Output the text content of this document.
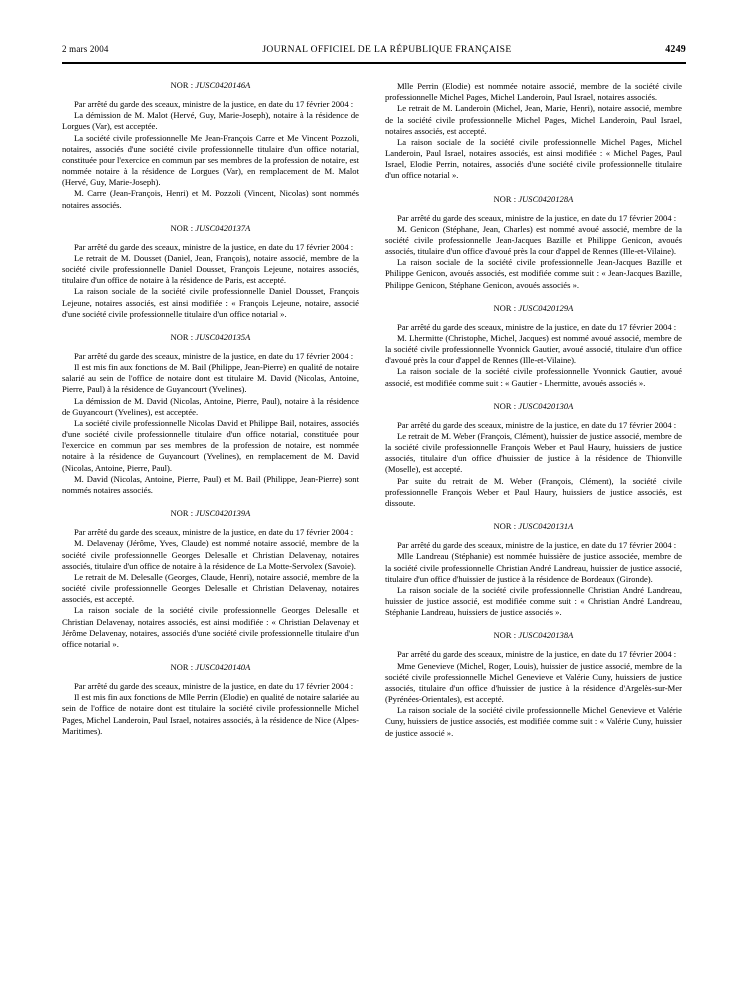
2 mars 2004	JOURNAL OFFICIEL DE LA RÉPUBLIQUE FRANÇAISE	4249
NOR : JUSC0420146A

Par arrêté du garde des sceaux, ministre de la justice, en date du 17 février 2004 :

La démission de M. Malot (Hervé, Guy, Marie-Joseph), notaire à la résidence de Lorgues (Var), est acceptée.

La société civile professionnelle Me Jean-François Carre et Me Vincent Pozzoli, notaires, associés d'une société civile professionnelle titulaire d'un office notarial, constituée pour l'exercice en commun par ses membres de la profession de notaire, est nommée notaire à la résidence de Lorgues (Var), en remplacement de M. Malot (Hervé, Guy, Marie-Joseph).

M. Carre (Jean-François, Henri) et M. Pozzoli (Vincent, Nicolas) sont nommés notaires associés.

NOR : JUSC0420137A

Par arrêté du garde des sceaux, ministre de la justice, en date du 17 février 2004 :

Le retrait de M. Dousset (Daniel, Jean, François), notaire associé, membre de la société civile professionnelle Daniel Dousset, François Lejeune, notaires associés, titulaire d'un office de notaire à la résidence de Paris, est accepté.

La raison sociale de la société civile professionnelle Daniel Dousset, François Lejeune, notaires associés, est ainsi modifiée : « François Lejeune, notaire, associé d'une société civile professionnelle titulaire d'un office notarial ».

NOR : JUSC0420135A

Par arrêté du garde des sceaux, ministre de la justice, en date du 17 février 2004 :

Il est mis fin aux fonctions de M. Bail (Philippe, Jean-Pierre) en qualité de notaire salarié au sein de l'office de notaire dont est titulaire M. David (Nicolas, Antoine, Pierre, Paul) à la résidence de Guyancourt (Yvelines).

La démission de M. David (Nicolas, Antoine, Pierre, Paul), notaire à la résidence de Guyancourt (Yvelines), est acceptée.

La société civile professionnelle Nicolas David et Philippe Bail, notaires, associés d'une société civile professionnelle titulaire d'un office notarial, constituée pour l'exercice en commun par ses membres de la profession de notaire, est nommée notaire à la résidence de Guyancourt (Yvelines), en remplacement de M. David (Nicolas, Antoine, Pierre, Paul).

M. David (Nicolas, Antoine, Pierre, Paul) et M. Bail (Philippe, Jean-Pierre) sont nommés notaires associés.

NOR : JUSC0420139A

Par arrêté du garde des sceaux, ministre de la justice, en date du 17 février 2004 :

M. Delavenay (Jérôme, Yves, Claude) est nommé notaire associé, membre de la société civile professionnelle Georges Delesalle et Christian Delavenay, notaires associés, titulaire d'un office de notaire à la résidence de La Motte-Servolex (Savoie).

Le retrait de M. Delesalle (Georges, Claude, Henri), notaire associé, membre de la société civile professionnelle Georges Delesalle et Christian Delavenay, notaires associés, est accepté.

La raison sociale de la société civile professionnelle Georges Delesalle et Christian Delavenay, notaires associés, est ainsi modifiée : « Christian Delavenay et Jérôme Delavenay, notaires, associés d'une société civile professionnelle titulaire d'un office notarial ».

NOR : JUSC0420140A

Par arrêté du garde des sceaux, ministre de la justice, en date du 17 février 2004 :

Il est mis fin aux fonctions de Mlle Perrin (Elodie) en qualité de notaire salariée au sein de l'office de notaire dont est titulaire la société civile professionnelle Michel Pages, Michel Landeroin, Paul Israel, notaires associés, à la résidence de Nice (Alpes-Maritimes).

Mlle Perrin (Elodie) est nommée notaire associé, membre de la société civile professionnelle Michel Pages, Michel Landeroin, Paul Israel, notaires associés.

Le retrait de M. Landeroin (Michel, Jean, Marie, Henri), notaire associé, membre de la société civile professionnelle Michel Pages, Michel Landeroin, Paul Israel, notaires associés, est accepté.

La raison sociale de la société civile professionnelle Michel Pages, Michel Landeroin, Paul Israel, notaires associés, est ainsi modifiée : « Michel Pages, Paul Israel, Elodie Perrin, notaires, associés d'une société civile professionnelle titulaire d'un office notarial ».

NOR : JUSC0420128A

Par arrêté du garde des sceaux, ministre de la justice, en date du 17 février 2004 :

M. Genicon (Stéphane, Jean, Charles) est nommé avoué associé, membre de la société civile professionnelle Jean-Jacques Bazille et Philippe Genicon, avoués associés, titulaire d'un office d'avoué près la cour d'appel de Rennes (Ille-et-Vilaine).

La raison sociale de la société civile professionnelle Jean-Jacques Bazille et Philippe Genicon, avoués associés, est modifiée comme suit : « Jean-Jacques Bazille, Philippe Genicon, Stéphane Genicon, avoués associés ».

NOR : JUSC0420129A

Par arrêté du garde des sceaux, ministre de la justice, en date du 17 février 2004 :

M. Lhermitte (Christophe, Michel, Jacques) est nommé avoué associé, membre de la société civile professionnelle Yvonnick Gautier, avoué associé, titulaire d'un office d'avoué près la cour d'appel de Rennes (Ille-et-Vilaine).

La raison sociale de la société civile professionnelle Yvonnick Gautier, avoué associé, est modifiée comme suit : « Gautier - Lhermitte, avoués associés ».

NOR : JUSC0420130A

Par arrêté du garde des sceaux, ministre de la justice, en date du 17 février 2004 :

Le retrait de M. Weber (François, Clément), huissier de justice associé, membre de la société civile professionnelle François Weber et Paul Haury, huissiers de justice associés, titulaire d'un office d'huissier de justice à la résidence de Thionville (Moselle), est accepté.

Par suite du retrait de M. Weber (François, Clément), la société civile professionnelle François Weber et Paul Haury, huissiers de justice associés, est dissoute.

NOR : JUSC0420131A

Par arrêté du garde des sceaux, ministre de la justice, en date du 17 février 2004 :

Mlle Landreau (Stéphanie) est nommée huissière de justice associée, membre de la société civile professionnelle Christian André Landreau, huissier de justice associé, titulaire d'un office d'huissier de justice à la résidence de Bordeaux (Gironde).

La raison sociale de la société civile professionnelle Christian André Landreau, huissier de justice associé, est modifiée comme suit : « Christian André Landreau, Stéphanie Landreau, huissiers de justice associés ».

NOR : JUSC0420138A

Par arrêté du garde des sceaux, ministre de la justice, en date du 17 février 2004 :

Mme Genevieve (Michel, Roger, Louis), huissier de justice associé, membre de la société civile professionnelle Michel Genevieve et Valérie Cuny, huissiers de justice associés, titulaire d'un office d'huissier de justice à la résidence d'Argelès-sur-Mer (Pyrénées-Orientales), est accepté.

La raison sociale de la société civile professionnelle Michel Genevieve et Valérie Cuny, huissiers de justice associés, est modifiée comme suit : « Valérie Cuny, huissier de justice associé ».
